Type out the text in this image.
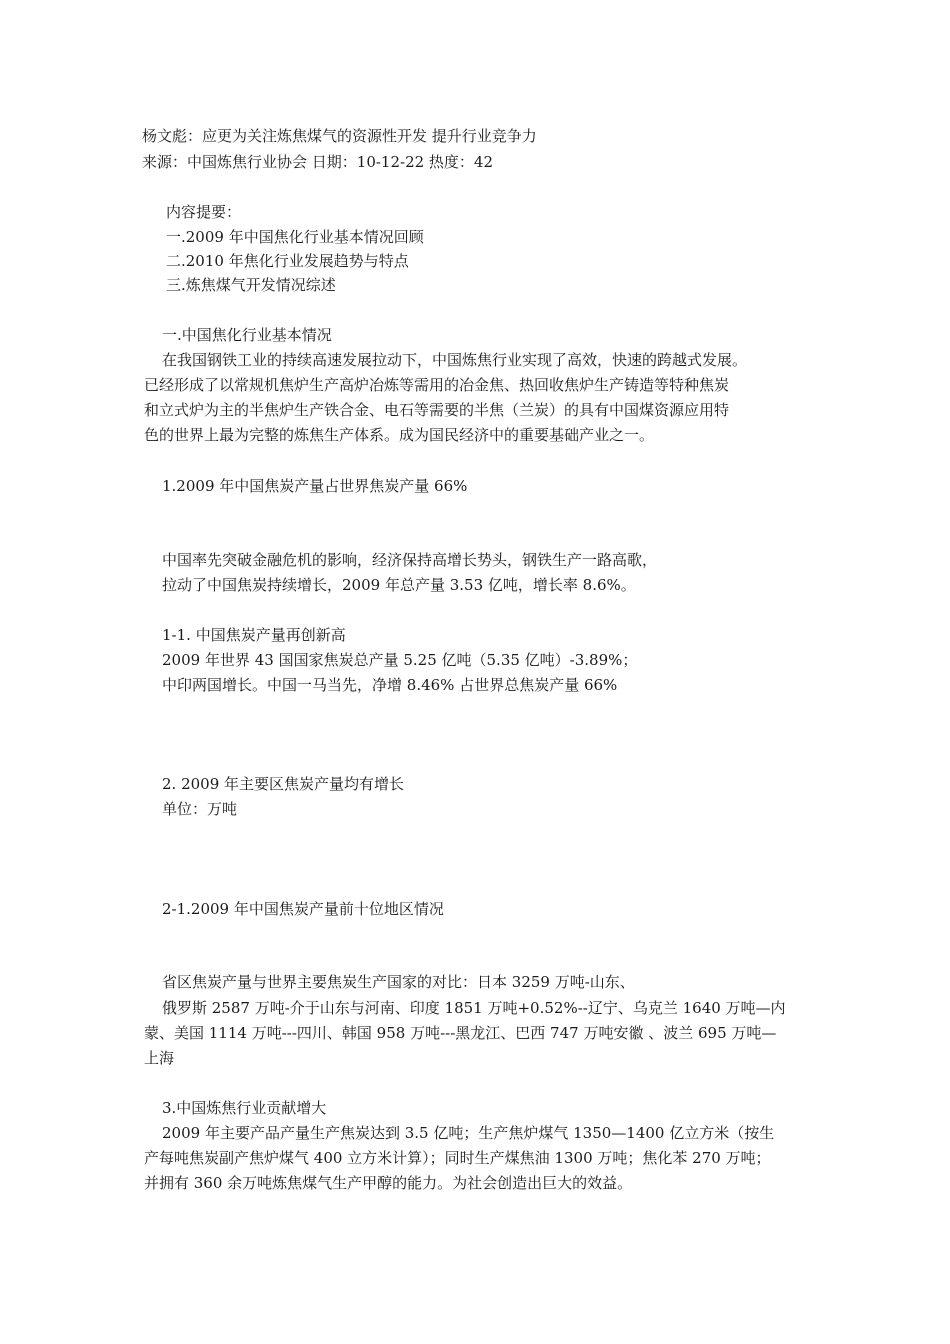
杨文彪：应更为关注炼焦煤气的资源性开发 提升行业竞争力
来源：中国炼焦行业协会 日期：10-12-22 热度：42
内容提要：
一.2009 年中国焦化行业基本情况回顾
二.2010 年焦化行业发展趋势与特点
三.炼焦煤气开发情况综述
一.中国焦化行业基本情况
在我国钢铁工业的持续高速发展拉动下，中国炼焦行业实现了高效，快速的跨越式发展。
已经形成了以常规机焦炉生产高炉冶炼等需用的冶金焦、热回收焦炉生产铸造等特种焦炭
和立式炉为主的半焦炉生产铁合金、电石等需要的半焦（兰炭）的具有中国煤资源应用特
色的世界上最为完整的炼焦生产体系。成为国民经济中的重要基础产业之一。
1.2009 年中国焦炭产量占世界焦炭产量 66%
中国率先突破金融危机的影响，经济保持高增长势头，钢铁生产一路高歌，
拉动了中国焦炭持续增长，2009 年总产量 3.53 亿吨，增长率 8.6%。
1-1. 中国焦炭产量再创新高
2009 年世界 43 国国家焦炭总产量 5.25 亿吨（5.35 亿吨）-3.89%；
中印两国增长。中国一马当先，净增 8.46% 占世界总焦炭产量 66%
2. 2009 年主要区焦炭产量均有增长
单位：万吨
2-1.2009 年中国焦炭产量前十位地区情况
省区焦炭产量与世界主要焦炭生产国家的对比：日本 3259 万吨-山东、
俄罗斯 2587 万吨-介于山东与河南、印度 1851 万吨+0.52%--辽宁、乌克兰 1640 万吨—内
蒙、美国 1114 万吨---四川、韩国 958 万吨---黑龙江、巴西 747 万吨安徽 、波兰 695 万吨—
上海
3.中国炼焦行业贡献增大
2009 年主要产品产量生产焦炭达到 3.5 亿吨；生产焦炉煤气 1350—1400 亿立方米（按生
产每吨焦炭副产焦炉煤气 400 立方米计算）；同时生产煤焦油 1300 万吨；焦化苯 270 万吨；
并拥有 360 余万吨炼焦煤气生产甲醇的能力。为社会创造出巨大的效益。
